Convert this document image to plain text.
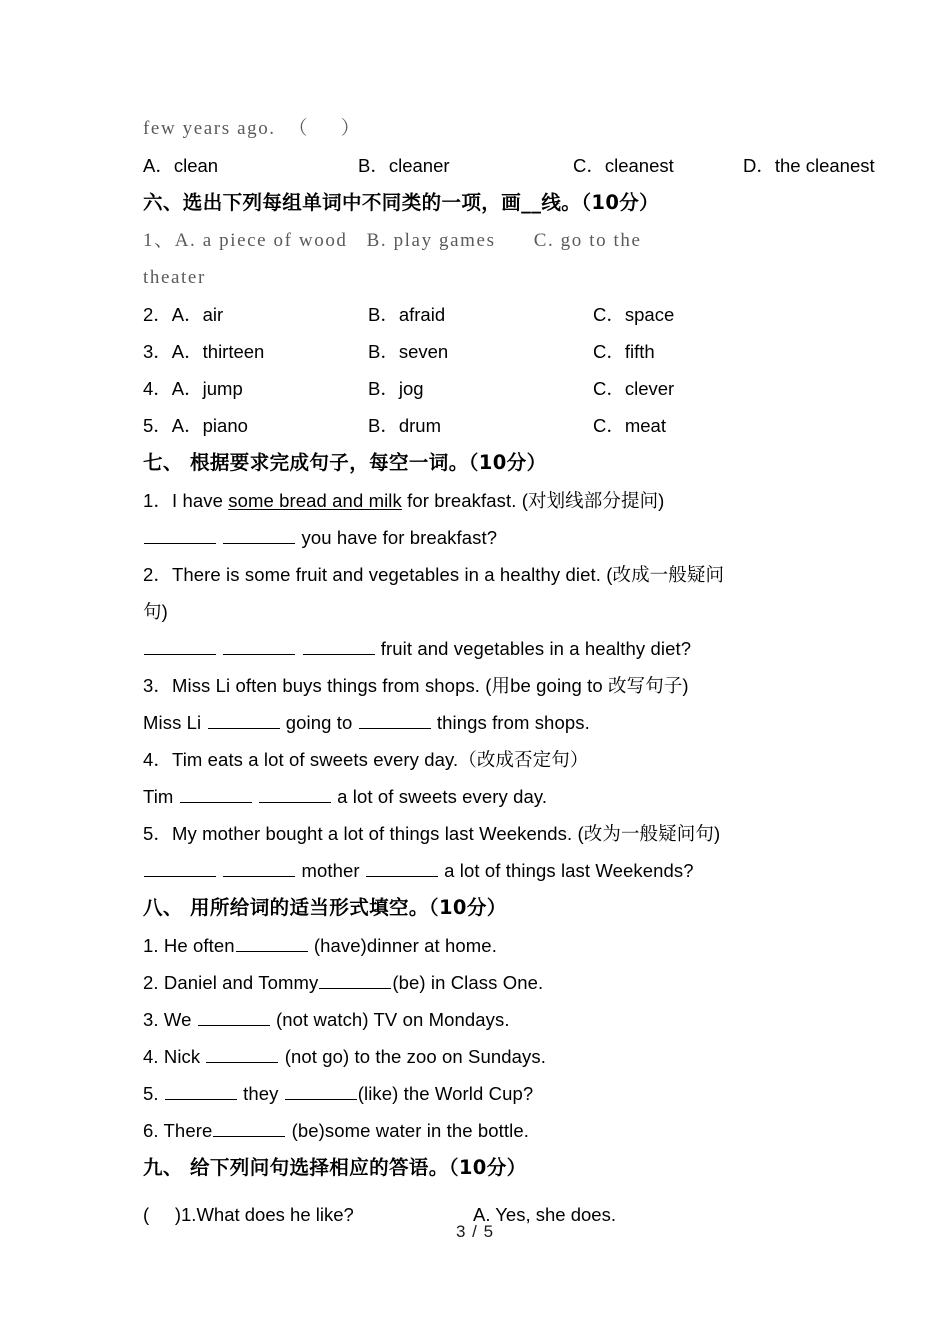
few years ago.  （     ）
A．clean	B．cleaner	C．cleanest	D．the cleanest
六、选出下列每组单词中不同类的一项，画__线。（10分）
1、A. a piece of wood B. play games C. go to the
theater
2．A．air	B．afraid	C．space
3．A．thirteen	B．seven	C．fifth
4．A．jump	B．jog	C．clever
5．A．piano	B．drum	C．meat
七、 根据要求完成句子，每空一词。（10分）
1．I have some bread and milk for breakfast. (对划线部分提问)
you have for breakfast?
2．There is some fruit and vegetables in a healthy diet. (改成一般疑问
句)
fruit and vegetables in a healthy diet?
3．Miss Li often buys things from shops. (用be going to 改写句子)
Miss Li	going to	things from shops.
4．Tim eats a lot of sweets every day.（改成否定句）
Tim	a lot of sweets every day.
5．My mother bought a lot of things last Weekends. (改为一般疑问句)
mother	a lot of things last Weekends?
八、 用所给词的适当形式填空。（10分）
1. He often	(have)dinner at home.
2. Daniel and Tommy	(be) in Class One.
3. We	(not watch) TV on Mondays.
4. Nick	(not go) to the zoo on Sundays.
5.	they	(like) the World Cup?
6. There	(be)some water in the bottle.
九、 给下列问句选择相应的答语。（10分）
(     )1.What does he like?	A. Yes, she does.
3 / 5
